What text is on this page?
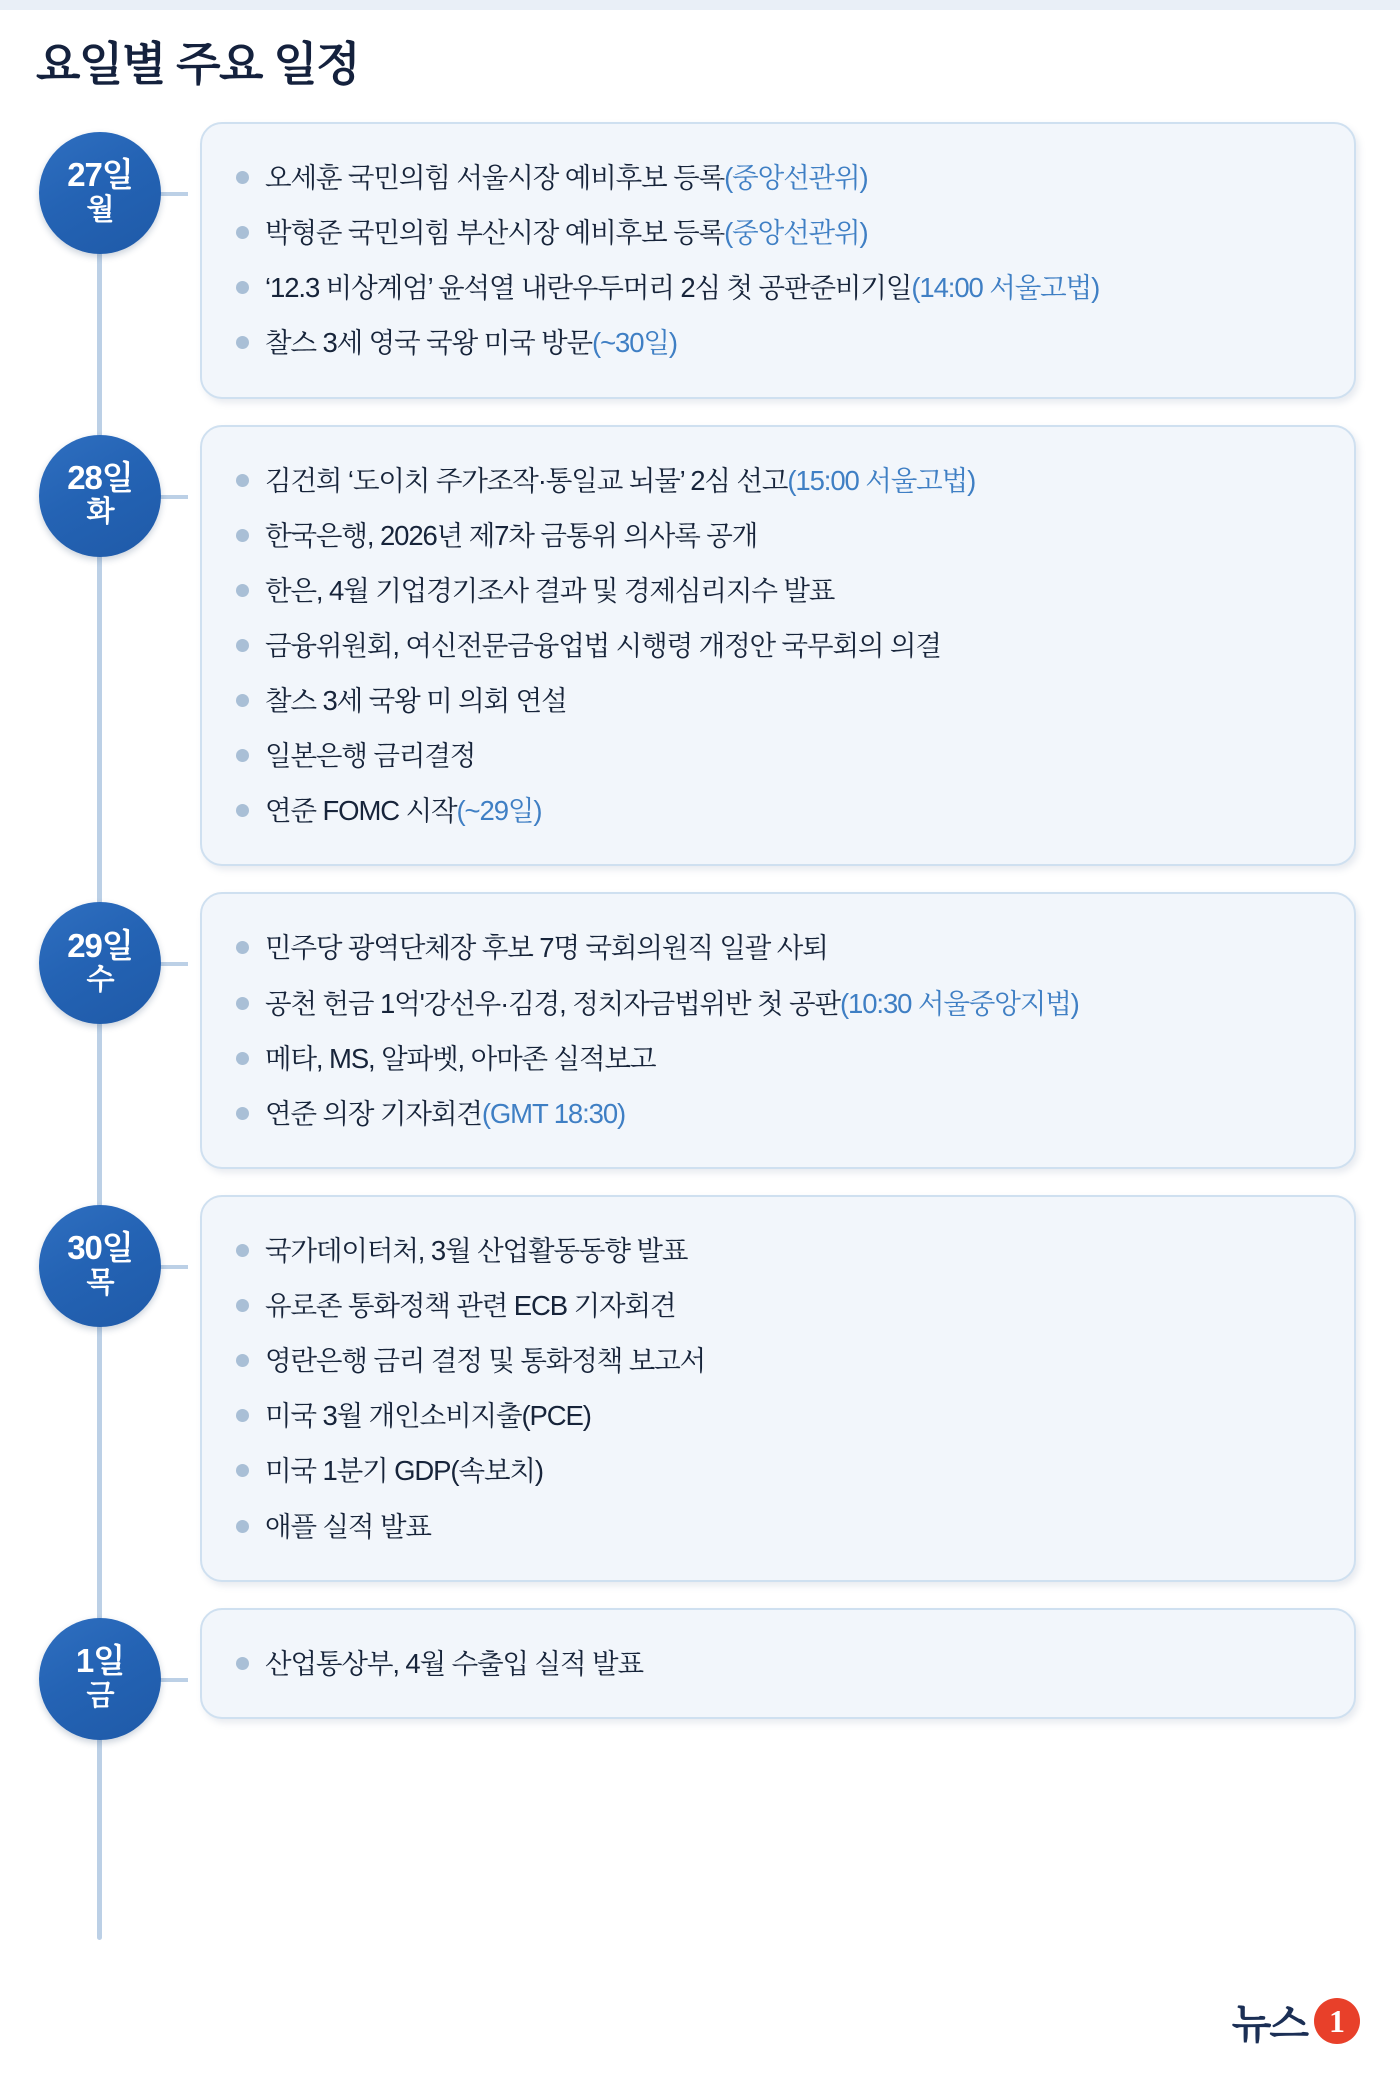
요일별 주요 일정
27일
월
오세훈 국민의힘 서울시장 예비후보 등록(중앙선관위)
박형준 국민의힘 부산시장 예비후보 등록(중앙선관위)
‘12.3 비상계엄’ 윤석열 내란우두머리 2심 첫 공판준비기일(14:00 서울고법)
찰스 3세 영국 국왕 미국 방문(~30일)
28일
화
김건희 ‘도이치 주가조작·통일교 뇌물’ 2심 선고(15:00 서울고법)
한국은행, 2026년 제7차 금통위 의사록 공개
한은, 4월 기업경기조사 결과 및 경제심리지수 발표
금융위원회, 여신전문금융업법 시행령 개정안 국무회의 의결
찰스 3세 국왕 미 의회 연설
일본은행 금리결정
연준 FOMC 시작(~29일)
29일
수
민주당 광역단체장 후보 7명 국회의원직 일괄 사퇴
공천 헌금 1억'강선우·김경, 정치자금법위반 첫 공판(10:30 서울중앙지법)
메타, MS, 알파벳, 아마존 실적보고
연준 의장 기자회견(GMT 18:30)
30일
목
국가데이터처, 3월 산업활동동향 발표
유로존 통화정책 관련 ECB 기자회견
영란은행 금리 결정 및 통화정책 보고서
미국 3월 개인소비지출(PCE)
미국 1분기 GDP(속보치)
애플 실적 발표
1일
금
산업통상부, 4월 수출입 실적 발표
뉴스 1
